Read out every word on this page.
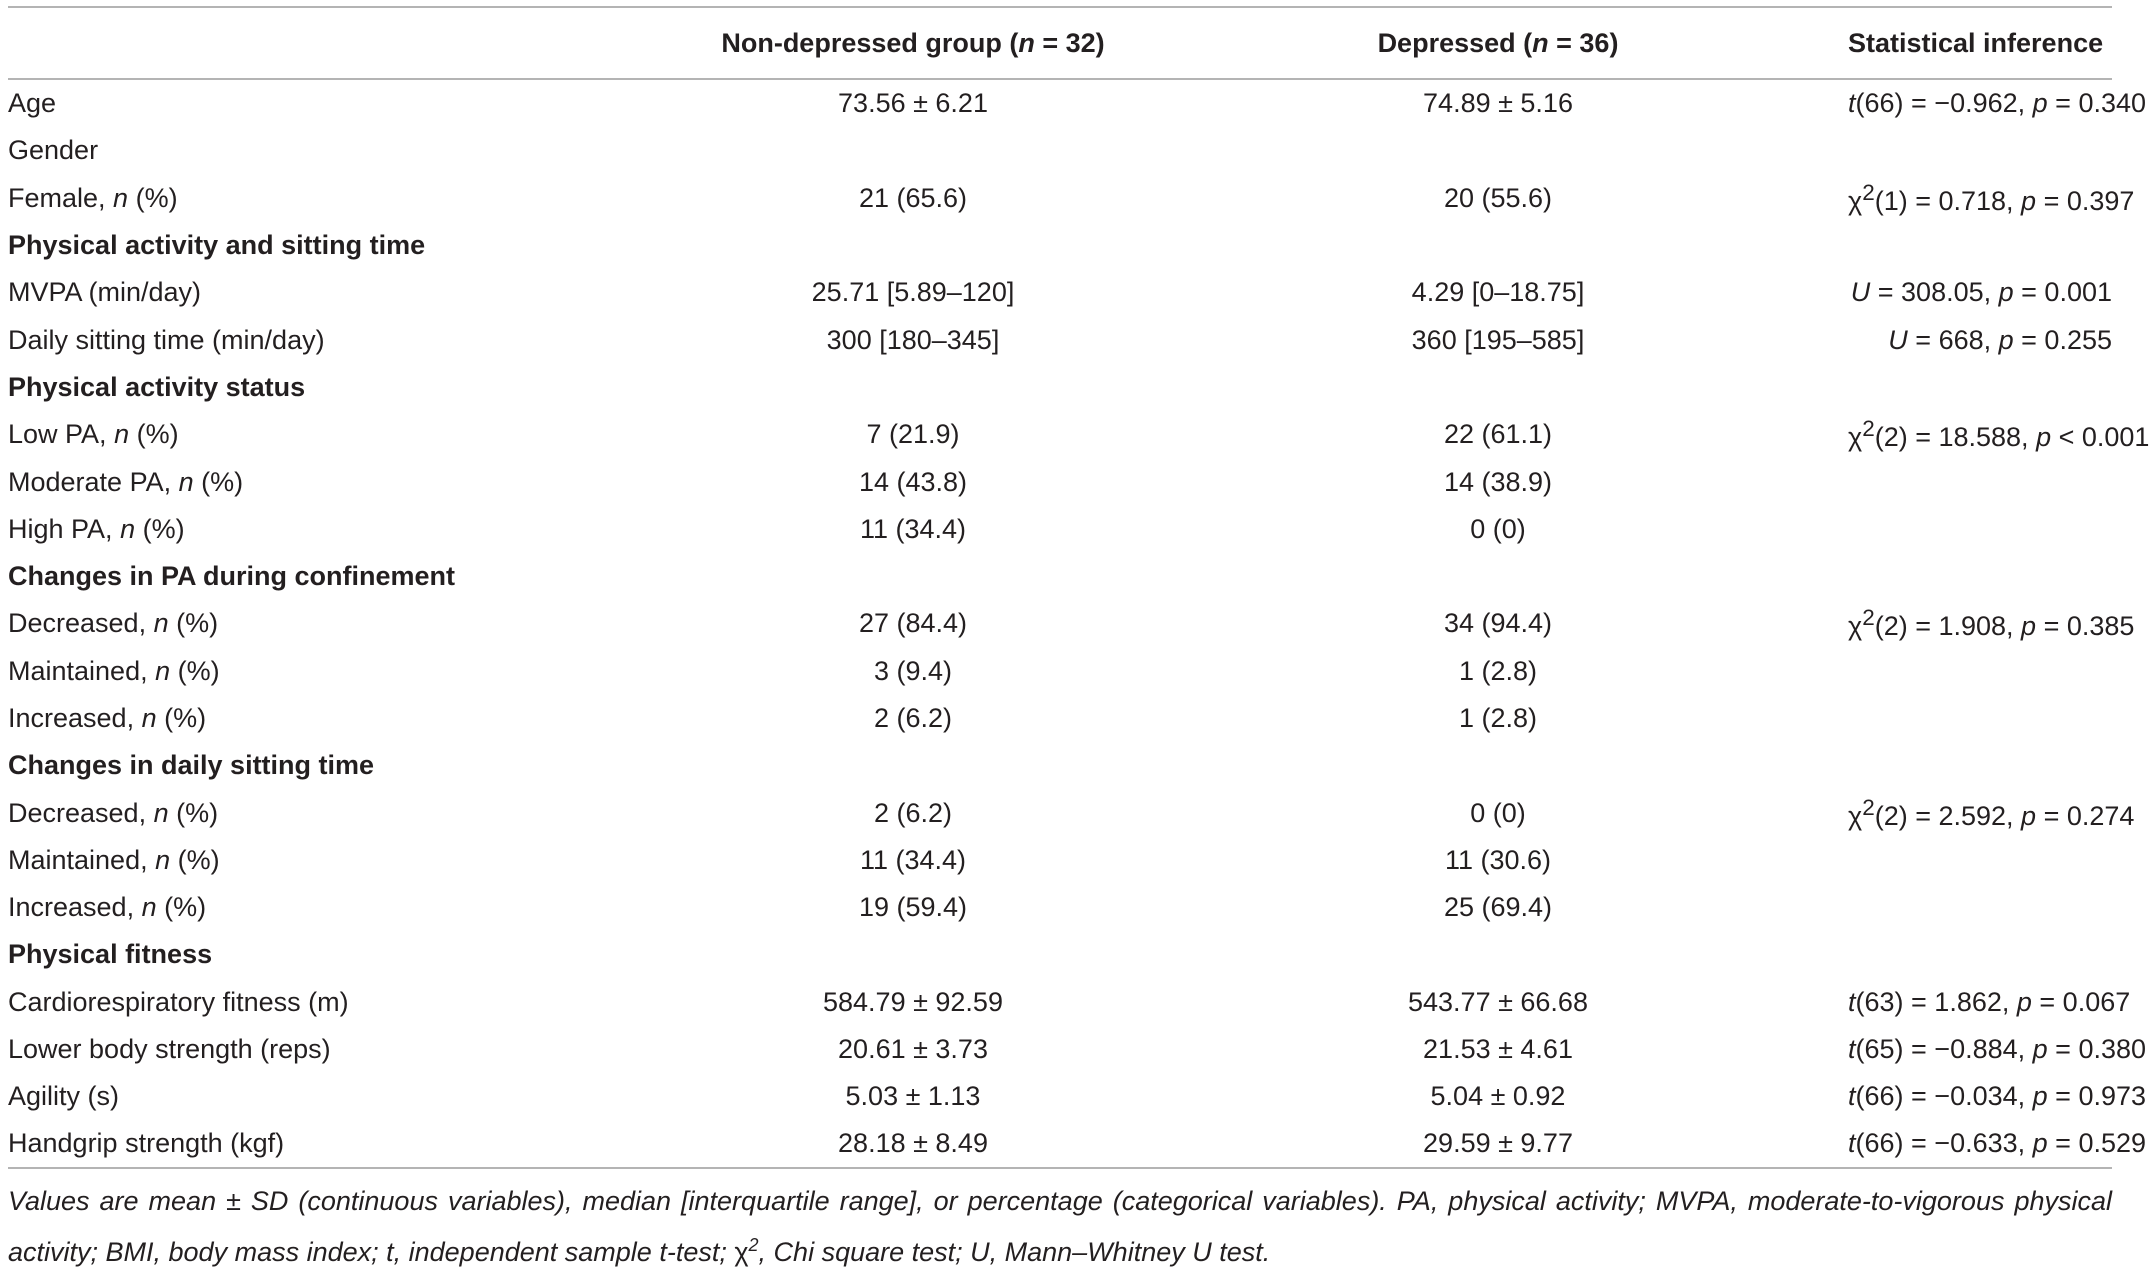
	Non-depressed group (n = 32)	Depressed (n = 36)	Statistical inference
Age	73.56 ± 6.21	74.89 ± 5.16	t(66) = −0.962, p = 0.340
Gender			
Female, n (%)	21 (65.6)	20 (55.6)	$\chi^2(1) = 0.718$, p = 0.397
Physical activity and sitting time			
MVPA (min/day)	25.71 [5.89–120]	4.29 [0–18.75]	U = 308.05, p = 0.001
Daily sitting time (min/day)	300 [180–345]	360 [195–585]	U = 668, p = 0.255
Physical activity status			
Low PA, n (%)	7 (21.9)	22 (61.1)	$\chi^2(2) = 18.588$, p < 0.001
Moderate PA, n (%)	14 (43.8)	14 (38.9)	
High PA, n (%)	11 (34.4)	0 (0)	
Changes in PA during confinement			
Decreased, n (%)	27 (84.4)	34 (94.4)	$\chi^2(2) = 1.908$, p = 0.385
Maintained, n (%)	3 (9.4)	1 (2.8)	
Increased, n (%)	2 (6.2)	1 (2.8)	
Changes in daily sitting time			
Decreased, n (%)	2 (6.2)	0 (0)	$\chi^2(2) = 2.592$, p = 0.274
Maintained, n (%)	11 (34.4)	11 (30.6)	
Increased, n (%)	19 (59.4)	25 (69.4)	
Physical fitness			
Cardiorespiratory fitness (m)	584.79 ± 92.59	543.77 ± 66.68	t(63) = 1.862, p = 0.067
Lower body strength (reps)	20.61 ± 3.73	21.53 ± 4.61	t(65) = −0.884, p = 0.380
Agility (s)	5.03 ± 1.13	5.04 ± 0.92	t(66) = −0.034, p = 0.973
Handgrip strength (kgf)	28.18 ± 8.49	29.59 ± 9.77	t(66) = −0.633, p = 0.529
Values are mean ± SD (continuous variables), median [interquartile range], or percentage (categorical variables). PA, physical activity; MVPA, moderate-to-vigorous physical activity; BMI, body mass index; t, independent sample t-test; $\chi^2$, Chi square test; U, Mann–Whitney U test.
